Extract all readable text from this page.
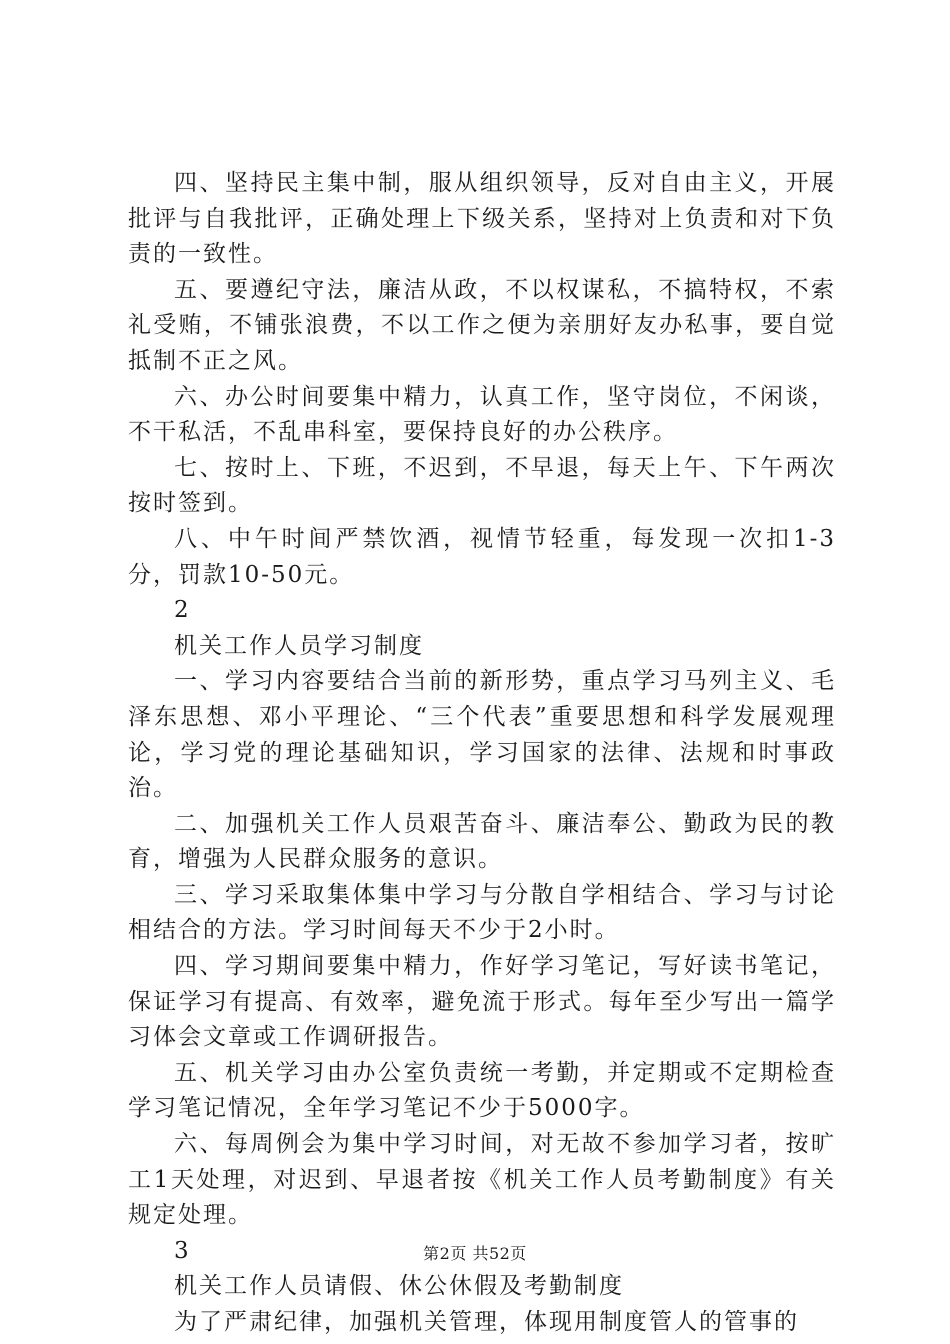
四、坚持民主集中制，服从组织领导，反对自由主义，开展批评与自我批评，正确处理上下级关系，坚持对上负责和对下负责的一致性。

五、要遵纪守法，廉洁从政，不以权谋私，不搞特权，不索礼受贿，不铺张浪费，不以工作之便为亲朋好友办私事，要自觉抵制不正之风。

六、办公时间要集中精力，认真工作，坚守岗位，不闲谈，不干私活，不乱串科室，要保持良好的办公秩序。

七、按时上、下班，不迟到，不早退，每天上午、下午两次按时签到。

八、中午时间严禁饮酒，视情节轻重，每发现一次扣1-3分，罚款10-50元。

2

机关工作人员学习制度

一、学习内容要结合当前的新形势，重点学习马列主义、毛泽东思想、邓小平理论、“三个代表”重要思想和科学发展观理论，学习党的理论基础知识，学习国家的法律、法规和时事政治。

二、加强机关工作人员艰苦奋斗、廉洁奉公、勤政为民的教育，增强为人民群众服务的意识。

三、学习采取集体集中学习与分散自学相结合、学习与讨论相结合的方法。学习时间每天不少于2小时。

四、学习期间要集中精力，作好学习笔记，写好读书笔记，保证学习有提高、有效率，避免流于形式。每年至少写出一篇学习体会文章或工作调研报告。

五、机关学习由办公室负责统一考勤，并定期或不定期检查学习笔记情况，全年学习笔记不少于5000字。

六、每周例会为集中学习时间，对无故不参加学习者，按旷工1天处理，对迟到、早退者按《机关工作人员考勤制度》有关规定处理。

3

机关工作人员请假、休公休假及考勤制度

为了严肃纪律，加强机关管理，体现用制度管人的管事的

第2页 共52页
